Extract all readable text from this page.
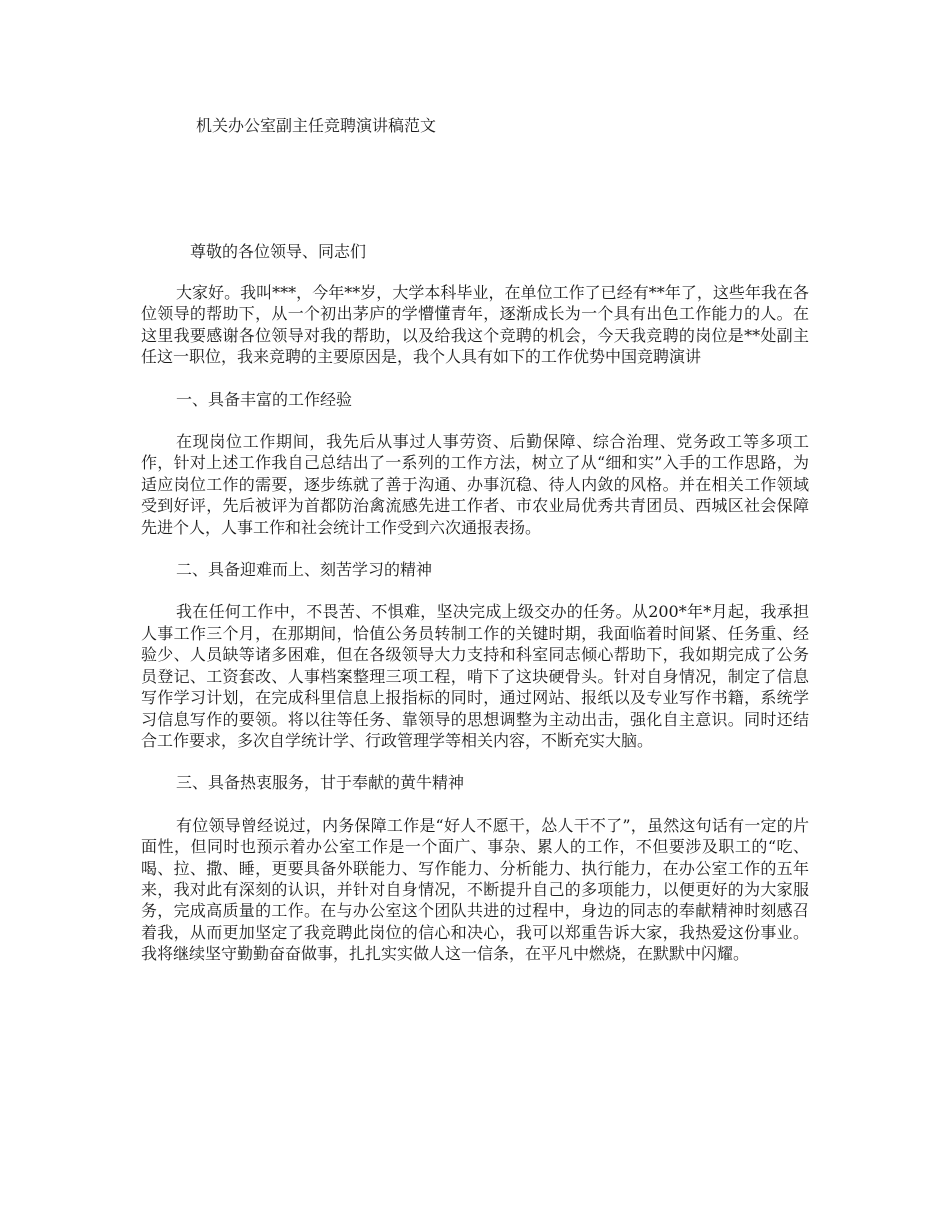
机关办公室副主任竞聘演讲稿范文
尊敬的各位领导、同志们

大家好。我叫***，今年**岁，大学本科毕业，在单位工作了已经有**年了，这些年我在各位领导的帮助下，从一个初出茅庐的学懵懂青年，逐渐成长为一个具有出色工作能力的人。在这里我要感谢各位领导对我的帮助，以及给我这个竞聘的机会，今天我竞聘的岗位是**处副主任这一职位，我来竞聘的主要原因是，我个人具有如下的工作优势中国竞聘演讲

一、具备丰富的工作经验

在现岗位工作期间，我先后从事过人事劳资、后勤保障、综合治理、党务政工等多项工作，针对上述工作我自己总结出了一系列的工作方法，树立了从“细和实”入手的工作思路，为适应岗位工作的需要，逐步练就了善于沟通、办事沉稳、待人内敛的风格。并在相关工作领域受到好评，先后被评为首都防治禽流感先进工作者、市农业局优秀共青团员、西城区社会保障先进个人，人事工作和社会统计工作受到六次通报表扬。

二、具备迎难而上、刻苦学习的精神

我在任何工作中，不畏苦、不惧难，坚决完成上级交办的任务。从200*年*月起，我承担人事工作三个月，在那期间，恰值公务员转制工作的关键时期，我面临着时间紧、任务重、经验少、人员缺等诸多困难，但在各级领导大力支持和科室同志倾心帮助下，我如期完成了公务员登记、工资套改、人事档案整理三项工程，啃下了这块硬骨头。针对自身情况，制定了信息写作学习计划，在完成科里信息上报指标的同时，通过网站、报纸以及专业写作书籍，系统学习信息写作的要领。将以往等任务、靠领导的思想调整为主动出击，强化自主意识。同时还结合工作要求，多次自学统计学、行政管理学等相关内容，不断充实大脑。

三、具备热衷服务，甘于奉献的黄牛精神

有位领导曾经说过，内务保障工作是“好人不愿干，怂人干不了”，虽然这句话有一定的片面性，但同时也预示着办公室工作是一个面广、事杂、累人的工作，不但要涉及职工的“吃、喝、拉、撒、睡，更要具备外联能力、写作能力、分析能力、执行能力，在办公室工作的五年来，我对此有深刻的认识，并针对自身情况，不断提升自己的多项能力，以便更好的为大家服务，完成高质量的工作。在与办公室这个团队共进的过程中，身边的同志的奉献精神时刻感召着我，从而更加坚定了我竞聘此岗位的信心和决心，我可以郑重告诉大家，我热爱这份事业。我将继续坚守勤勤奋奋做事，扎扎实实做人这一信条，在平凡中燃烧，在默默中闪耀。
